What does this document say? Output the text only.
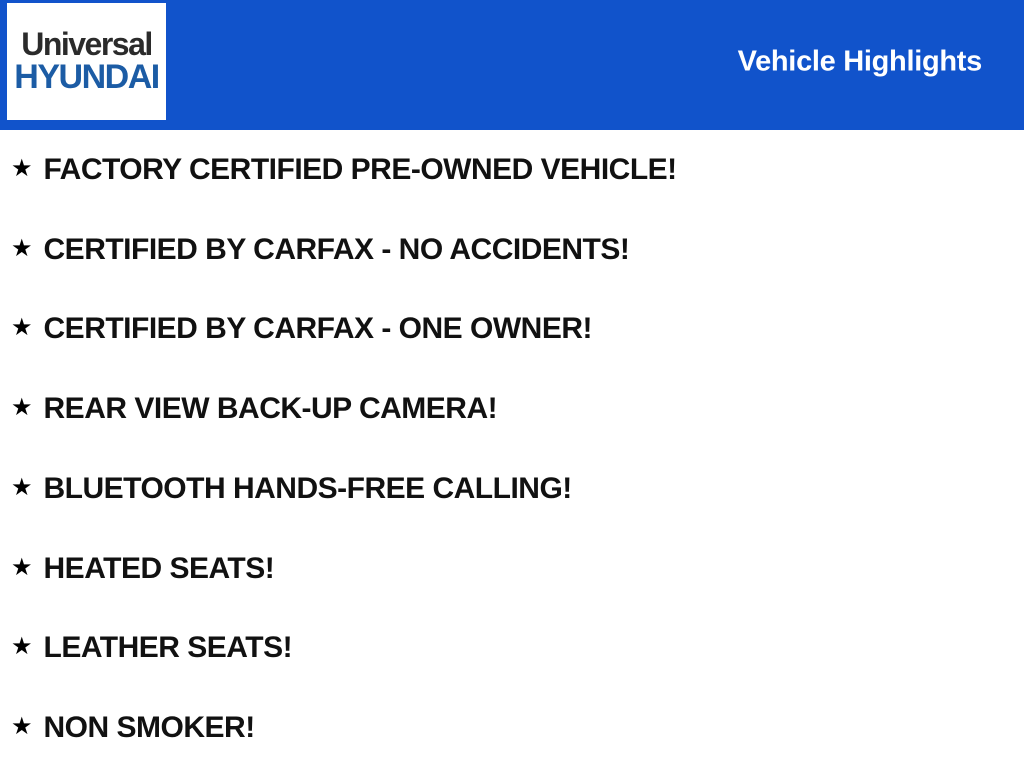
Universal
HYUNDAI	Vehicle Highlights
★ FACTORY CERTIFIED PRE-OWNED VEHICLE!
★ CERTIFIED BY CARFAX - NO ACCIDENTS!
★ CERTIFIED BY CARFAX - ONE OWNER!
★ REAR VIEW BACK-UP CAMERA!
★ BLUETOOTH HANDS-FREE CALLING!
★ HEATED SEATS!
★ LEATHER SEATS!
★ NON SMOKER!
